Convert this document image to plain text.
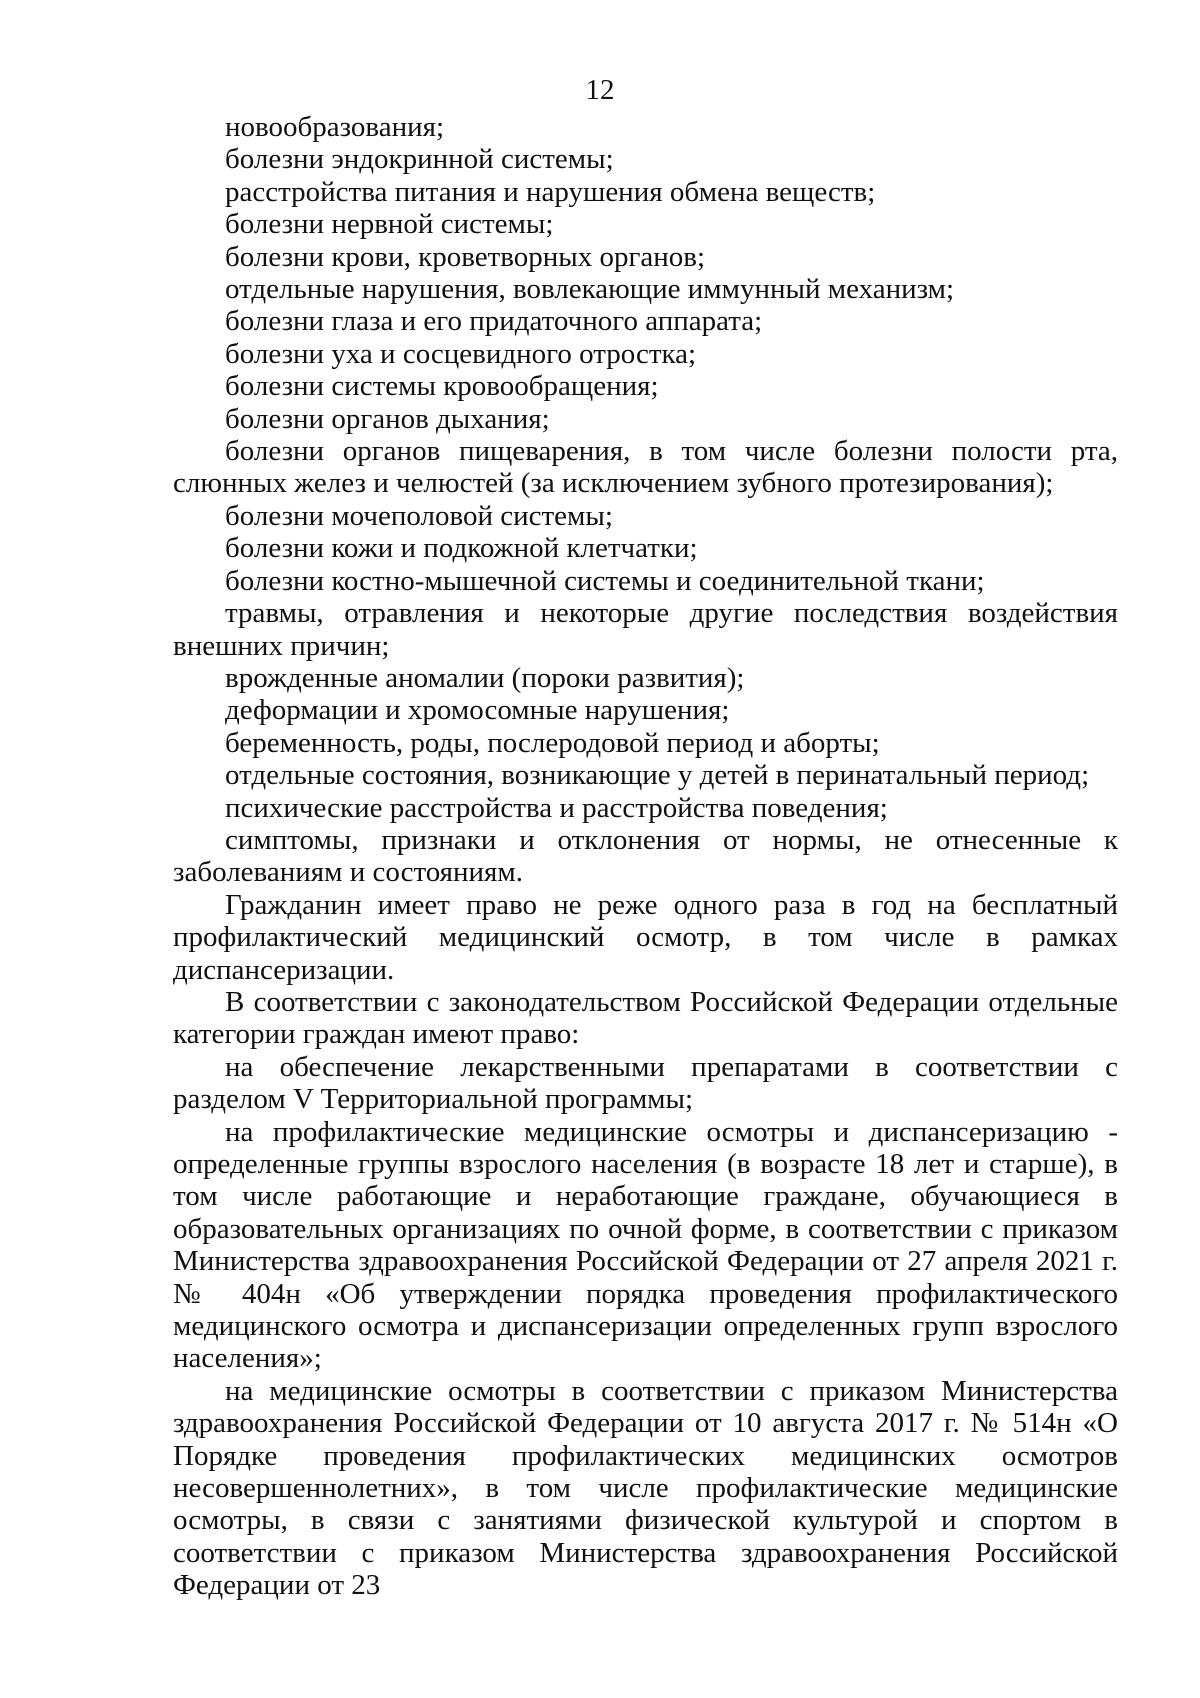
12

новообразования;

болезни эндокринной системы;

расстройства питания и нарушения обмена веществ;

болезни нервной системы;

болезни крови, кроветворных органов;

отдельные нарушения, вовлекающие иммунный механизм;

болезни глаза и его придаточного аппарата;

болезни уха и сосцевидного отростка;

болезни системы кровообращения;

болезни органов дыхания;

болезни органов пищеварения, в том числе болезни полости рта, слюнных желез и челюстей (за исключением зубного протезирования);

болезни мочеполовой системы;

болезни кожи и подкожной клетчатки;

болезни костно-мышечной системы и соединительной ткани;

травмы, отравления и некоторые другие последствия воздействия внешних причин;

врожденные аномалии (пороки развития);

деформации и хромосомные нарушения;

беременность, роды, послеродовой период и аборты;

отдельные состояния, возникающие у детей в перинатальный период;

психические расстройства и расстройства поведения;

симптомы, признаки и отклонения от нормы, не отнесенные к заболеваниям и состояниям.

Гражданин имеет право не реже одного раза в год на бесплатный профилактический медицинский осмотр, в том числе в рамках диспансеризации.

В соответствии с законодательством Российской Федерации отдельные категории граждан имеют право:

на обеспечение лекарственными препаратами в соответствии с разделом V Территориальной программы;

на профилактические медицинские осмотры и диспансеризацию - определенные группы взрослого населения (в возрасте 18 лет и старше), в том числе работающие и неработающие граждане, обучающиеся в образовательных организациях по очной форме, в соответствии с приказом Министерства здравоохранения Российской Федерации от 27 апреля 2021 г. № 404н «Об утверждении порядка проведения профилактического медицинского осмотра и диспансеризации определенных групп взрослого населения»;

на медицинские осмотры в соответствии с приказом Министерства здравоохранения Российской Федерации от 10 августа 2017 г. № 514н «О Порядке проведения профилактических медицинских осмотров несовершеннолетних», в том числе профилактические медицинские осмотры, в связи с занятиями физической культурой и спортом в соответствии с приказом Министерства здравоохранения Российской Федерации от 23
